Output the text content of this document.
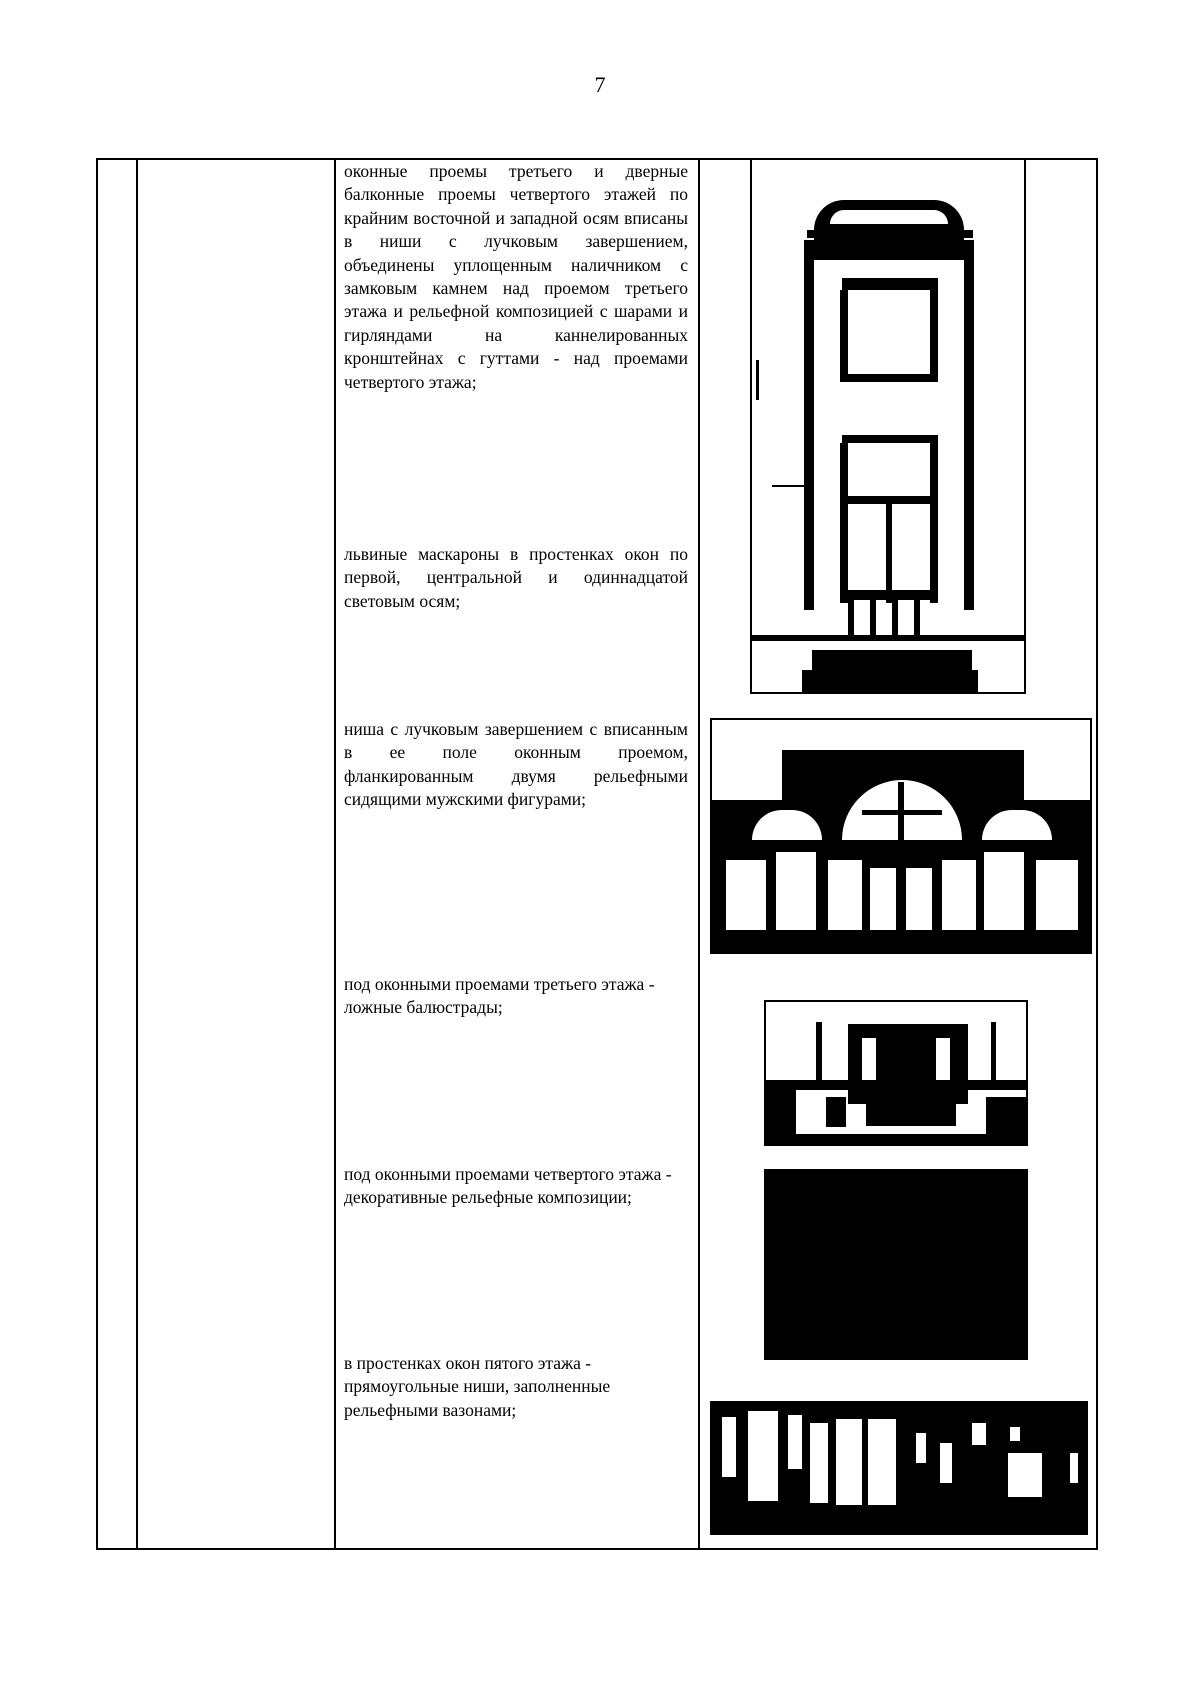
7
оконные проемы третьего и дверные балконные проемы четвертого этажей по крайним восточной и западной осям вписаны в ниши с лучковым завершением, объединены уплощенным наличником с замковым камнем над проемом третьего этажа и рельефной композицией с шарами и гирляндами на каннелированных кронштейнах с гуттами - над проемами четвертого этажа;
львиные маскароны в простенках окон по первой, центральной и одиннадцатой световым осям;
ниша с лучковым завершением с вписанным в ее поле оконным проемом, фланкированным двумя рельефными сидящими мужскими фигурами;
под оконными проемами третьего этажа - ложные балюстрады;
под оконными проемами четвертого этажа - декоративные рельефные композиции;
в простенках окон пятого этажа - прямоугольные ниши, заполненные рельефными вазонами;
